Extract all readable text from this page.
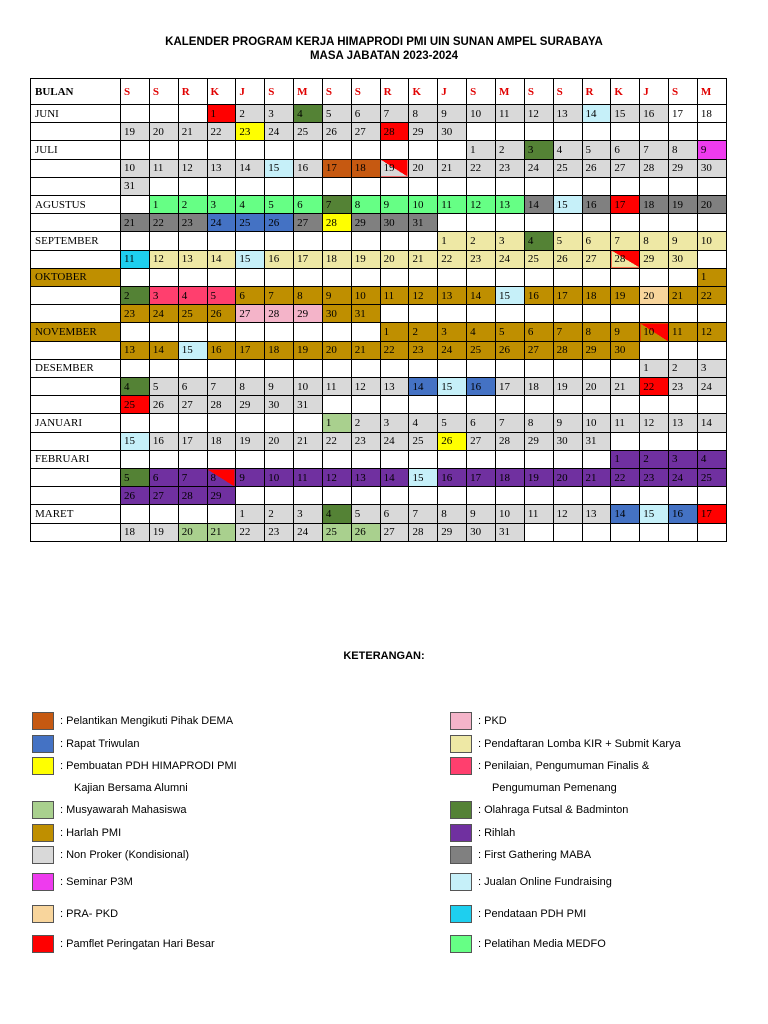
KALENDER PROGRAM KERJA HIMAPRODI PMI UIN SUNAN AMPEL SURABAYA
MASA JABATAN 2023-2024
BULAN	S	S	R	K	J	S	M	S	S	R	K	J	S	M	S	S	R	K	J	S	M
JUNI				1	2	3	4	5	6	7	8	9	10	11	12	13	14	15	16	17	18
	19	20	21	22	23	24	25	26	27	28	29	30									
JULI													1	2	3	4	5	6	7	8	9
	10	11	12	13	14	15	16	17	18	19	20	21	22	23	24	25	26	27	28	29	30
	31																				
AGUSTUS		1	2	3	4	5	6	7	8	9	10	11	12	13	14	15	16	17	18	19	20
	21	22	23	24	25	26	27	28	29	30	31										
SEPTEMBER												1	2	3	4	5	6	7	8	9	10
	11	12	13	14	15	16	17	18	19	20	21	22	23	24	25	26	27	28	29	30	
OKTOBER																					1
	2	3	4	5	6	7	8	9	10	11	12	13	14	15	16	17	18	19	20	21	22
	23	24	25	26	27	28	29	30	31												
NOVEMBER										1	2	3	4	5	6	7	8	9	10	11	12
	13	14	15	16	17	18	19	20	21	22	23	24	25	26	27	28	29	30			
DESEMBER																			1	2	3
	4	5	6	7	8	9	10	11	12	13	14	15	16	17	18	19	20	21	22	23	24
	25	26	27	28	29	30	31														
JANUARI								1	2	3	4	5	6	7	8	9	10	11	12	13	14
	15	16	17	18	19	20	21	22	23	24	25	26	27	28	29	30	31				
FEBRUARI																		1	2	3	4
	5	6	7	8	9	10	11	12	13	14	15	16	17	18	19	20	21	22	23	24	25
	26	27	28	29																	
MARET					1	2	3	4	5	6	7	8	9	10	11	12	13	14	15	16	17
	18	19	20	21	22	23	24	25	26	27	28	29	30	31							
KETERANGAN:
: Pelantikan Mengikuti Pihak DEMA
: Rapat Triwulan
: Pembuatan PDH HIMAPRODI PMI
Kajian Bersama Alumni
: Musyawarah Mahasiswa
: Harlah PMI
: Non Proker (Kondisional)
: Seminar P3M
: PRA- PKD
: Pamflet Peringatan Hari Besar
: PKD
: Pendaftaran Lomba KIR + Submit Karya
: Penilaian, Pengumuman Finalis &
Pengumuman Pemenang
: Olahraga Futsal & Badminton
: Rihlah
: First Gathering MABA
: Jualan Online Fundraising
: Pendataan PDH PMI
: Pelatihan Media MEDFO
